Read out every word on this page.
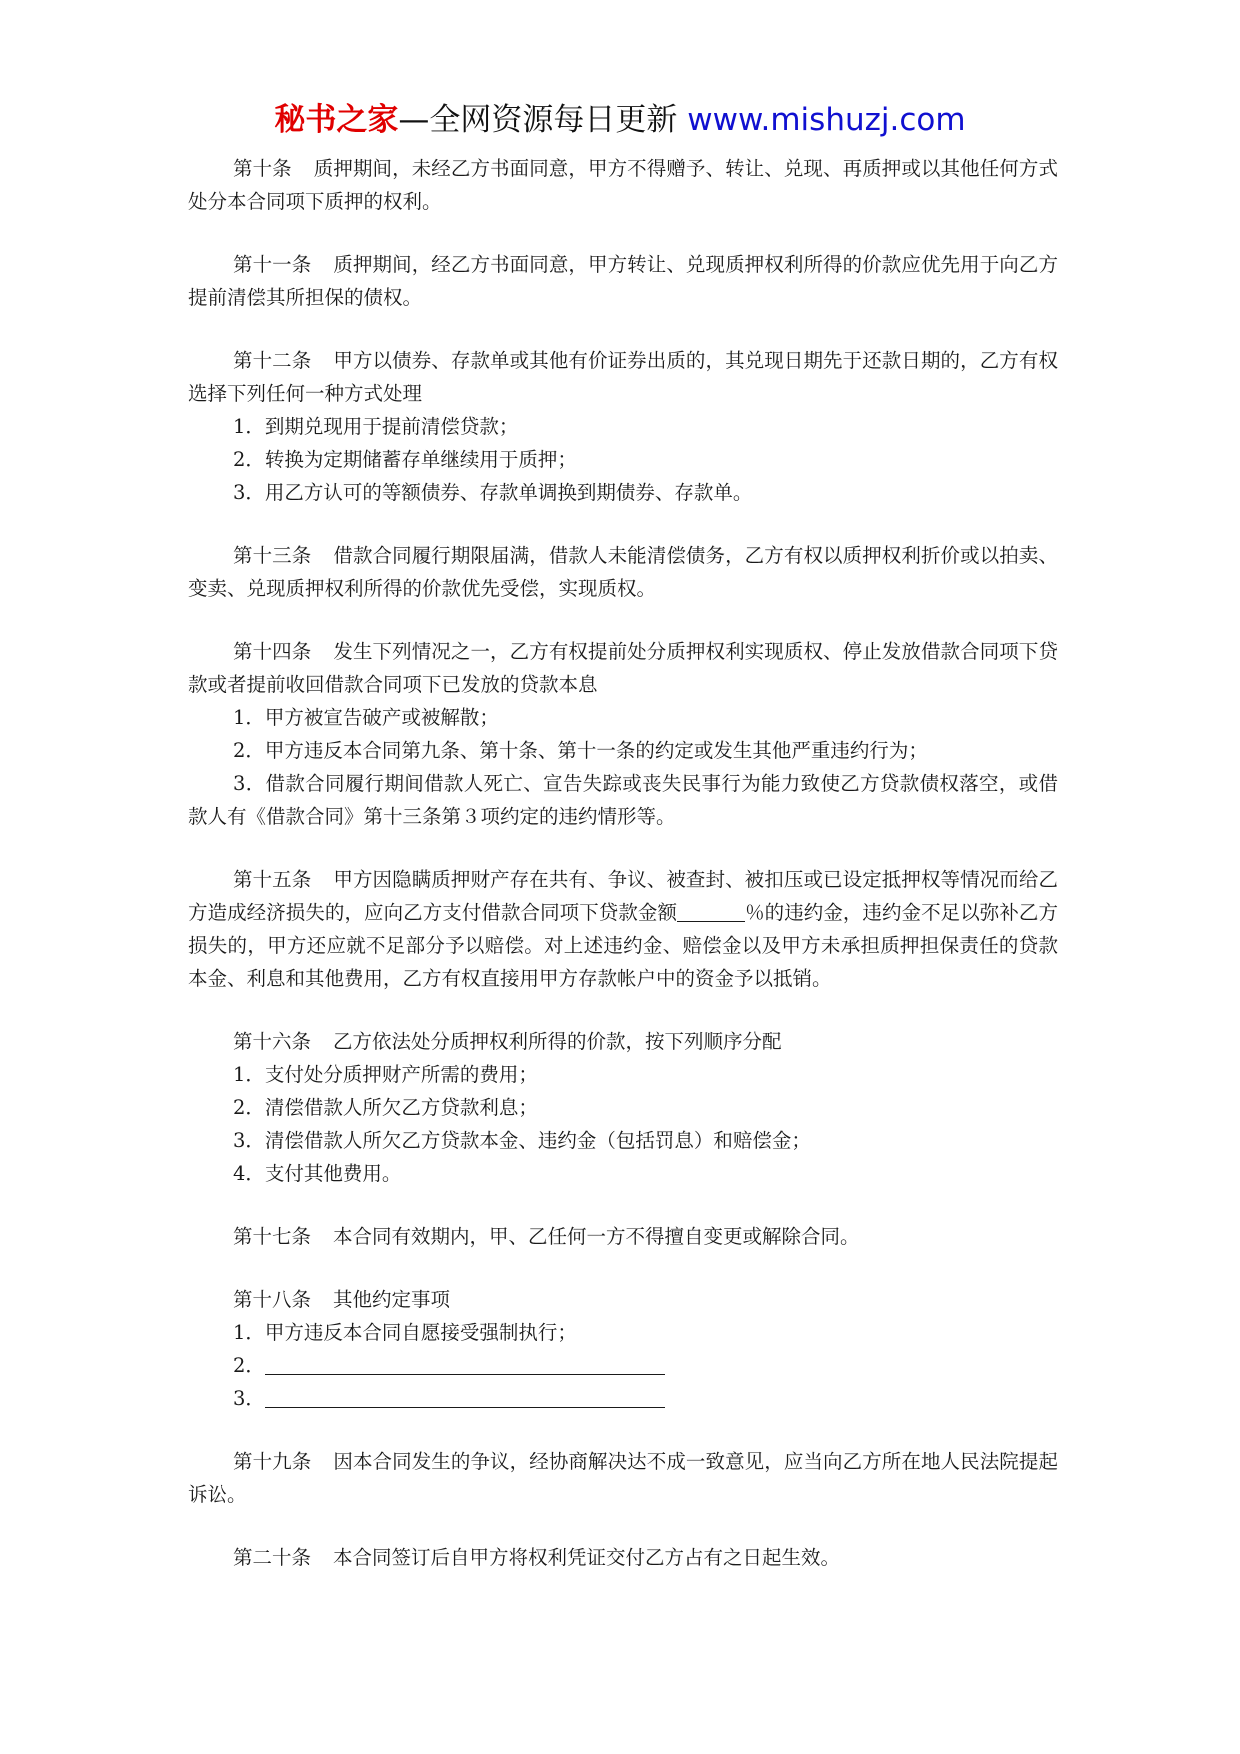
秘书之家—全网资源每日更新 www.mishuzj.com

第十条 质押期间，未经乙方书面同意，甲方不得赠予、转让、兑现、再质押或以其他任何方式处分本合同项下质押的权利。

第十一条 质押期间，经乙方书面同意，甲方转让、兑现质押权利所得的价款应优先用于向乙方提前清偿其所担保的债权。

第十二条 甲方以债券、存款单或其他有价证券出质的，其兑现日期先于还款日期的，乙方有权选择下列任何一种方式处理

1．到期兑现用于提前清偿贷款；
2．转换为定期储蓄存单继续用于质押；
3．用乙方认可的等额债券、存款单调换到期债券、存款单。

第十三条 借款合同履行期限届满，借款人未能清偿债务，乙方有权以质押权利折价或以拍卖、变卖、兑现质押权利所得的价款优先受偿，实现质权。

第十四条 发生下列情况之一，乙方有权提前处分质押权利实现质权、停止发放借款合同项下贷款或者提前收回借款合同项下已发放的贷款本息

1．甲方被宣告破产或被解散；
2．甲方违反本合同第九条、第十条、第十一条的约定或发生其他严重违约行为；
3．借款合同履行期间借款人死亡、宣告失踪或丧失民事行为能力致使乙方贷款债权落空，或借款人有《借款合同》第十三条第３项约定的违约情形等。

第十五条 甲方因隐瞒质押财产存在共有、争议、被查封、被扣压或已设定抵押权等情况而给乙方造成经济损失的，应向乙方支付借款合同项下贷款金额	％的违约金，违约金不足以弥补乙方损失的，甲方还应就不足部分予以赔偿。对上述违约金、赔偿金以及甲方未承担质押担保责任的贷款本金、利息和其他费用，乙方有权直接用甲方存款帐户中的资金予以抵销。

第十六条 乙方依法处分质押权利所得的价款，按下列顺序分配

1．支付处分质押财产所需的费用；
2．清偿借款人所欠乙方贷款利息；
3．清偿借款人所欠乙方贷款本金、违约金（包括罚息）和赔偿金；
4．支付其他费用。

第十七条 本合同有效期内，甲、乙任何一方不得擅自变更或解除合同。

第十八条 其他约定事项

1．甲方违反本合同自愿接受强制执行；
2．
3．

第十九条 因本合同发生的争议，经协商解决达不成一致意见，应当向乙方所在地人民法院提起诉讼。

第二十条 本合同签订后自甲方将权利凭证交付乙方占有之日起生效。
